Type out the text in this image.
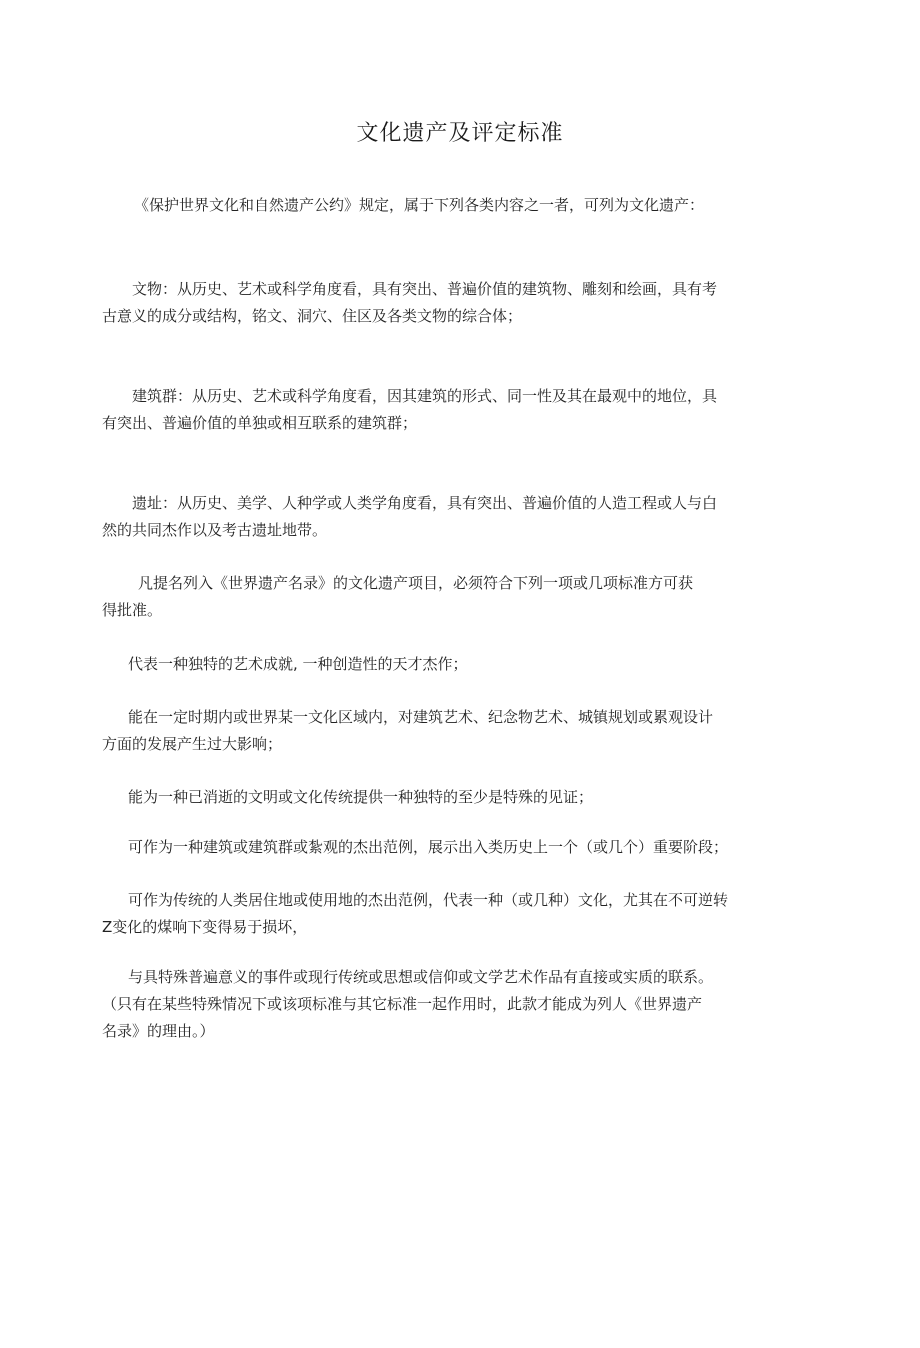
文化遗产及评定标准
《保护世界文化和自然遗产公约》规定，属于下列各类内容之一者，可列为文化遗产：
文物：从历史、艺术或科学角度看，具有突出、普遍价值的建筑物、雕刻和绘画，具有考
古意义的成分或结构，铭文、洞穴、住区及各类文物的综合体；
建筑群：从历史、艺术或科学角度看，因其建筑的形式、同一性及其在最观中的地位，具
有突出、普遍价值的单独或相互联系的建筑群；
遗址：从历史、美学、人种学或人类学角度看，具有突出、普遍价值的人造工程或人与白
然的共同杰作以及考古遗址地带。
凡提名列入《世界遗产名录》的文化遗产项目，必须符合下列一项或几项标准方可获
得批准。
代表一种独特的艺术成就, 一种创造性的天才杰作；
能在一定时期内或世界某一文化区域内，对建筑艺术、纪念物艺术、城镇规划或累观设计
方面的发展产生过大影响；
能为一种已消逝的文明或文化传统提供一种独特的至少是特殊的见证；
可作为一种建筑或建筑群或紮观的杰出范例，展示出入类历史上一个（或几个）重要阶段；
可作为传统的人类居住地或使用地的杰出范例，代表一种（或几种）文化，尤其在不可逆转
Z变化的煤响下变得易于损坏，
与具特殊普遍意义的事件或现行传统或思想或信仰或文学艺术作品有直接或实质的联系。
（只有在某些特殊情况下或该项标准与其它标准一起作用时，此款才能成为列人《世界遗产
名录》的理由。）
